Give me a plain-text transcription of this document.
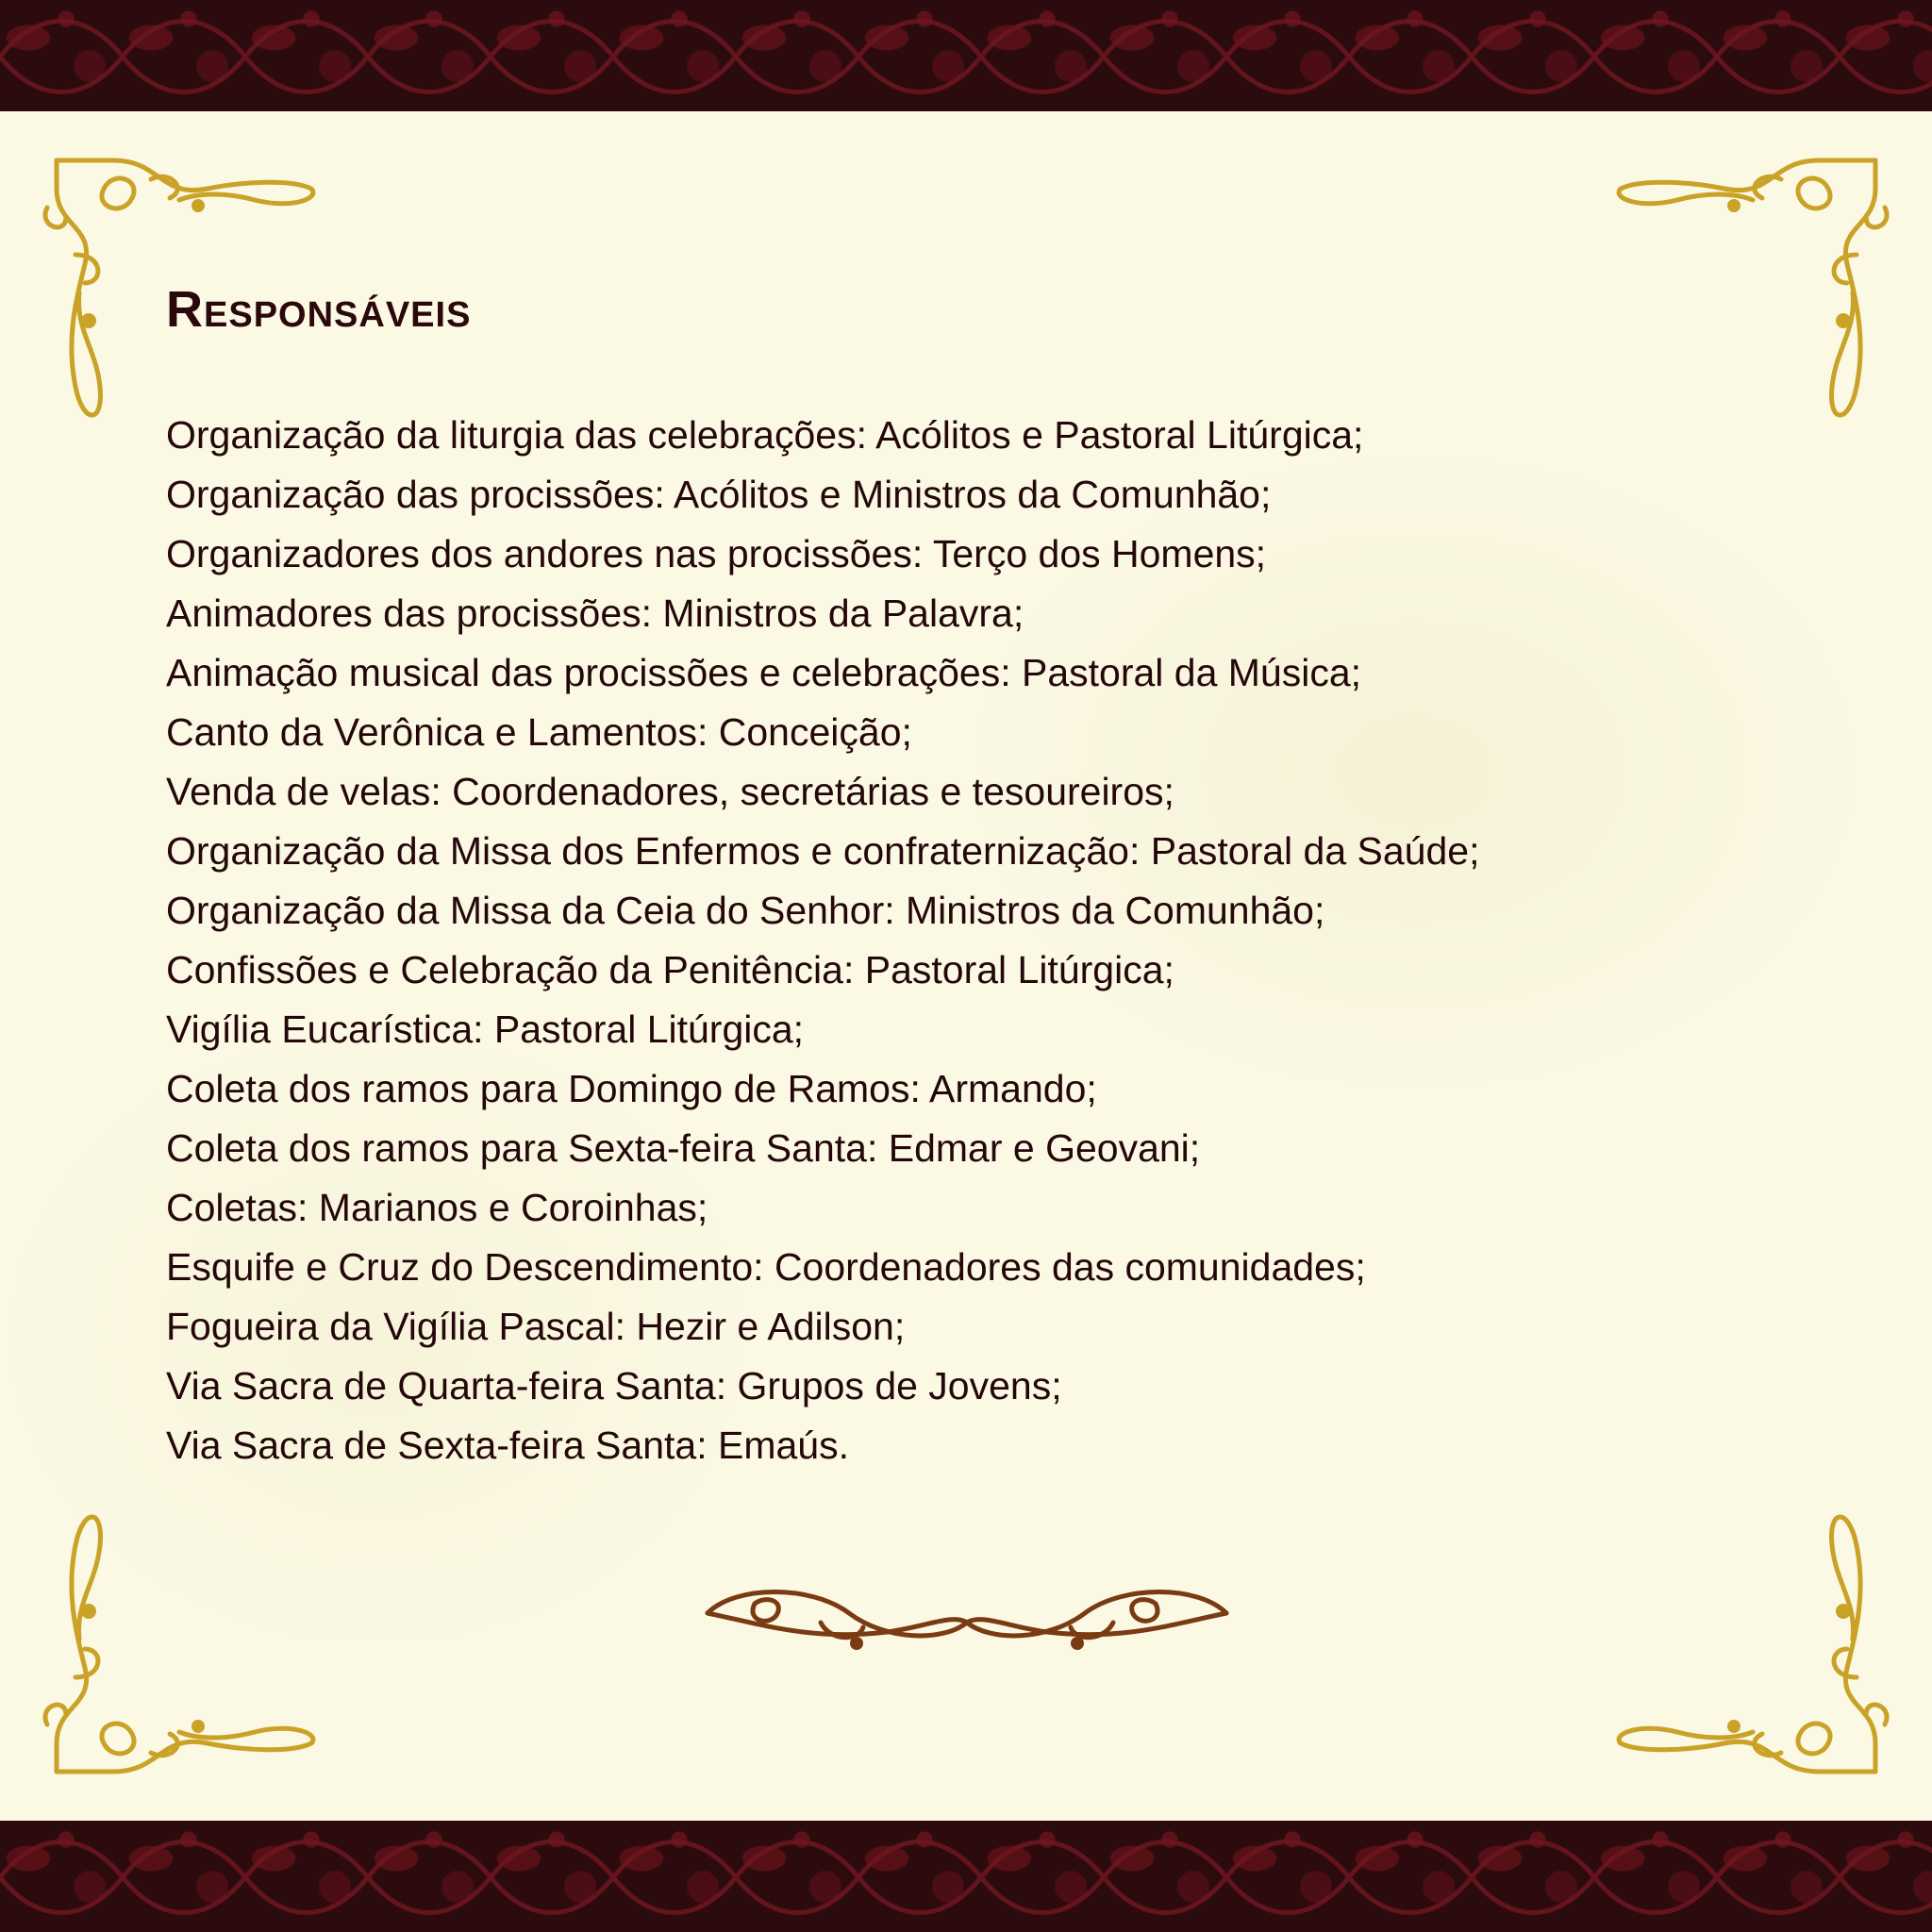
Responsáveis
Organização da liturgia das celebrações: Acólitos e Pastoral Litúrgica;
Organização das procissões: Acólitos e Ministros da Comunhão;
Organizadores dos andores nas procissões: Terço dos Homens;
Animadores das procissões: Ministros da Palavra;
Animação musical das procissões e celebrações: Pastoral da Música;
Canto da Verônica e Lamentos: Conceição;
Venda de velas: Coordenadores, secretárias e tesoureiros;
Organização da Missa dos Enfermos e confraternização: Pastoral da Saúde;
Organização da Missa da Ceia do Senhor: Ministros da Comunhão;
Confissões e Celebração da Penitência: Pastoral Litúrgica;
Vigília Eucarística: Pastoral Litúrgica;
Coleta dos ramos para Domingo de Ramos: Armando;
Coleta dos ramos para Sexta-feira Santa: Edmar e Geovani;
Coletas: Marianos e Coroinhas;
Esquife e Cruz do Descendimento: Coordenadores das comunidades;
Fogueira da Vigília Pascal: Hezir e Adilson;
Via Sacra de Quarta-feira Santa: Grupos de Jovens;
Via Sacra de Sexta-feira Santa: Emaús.
